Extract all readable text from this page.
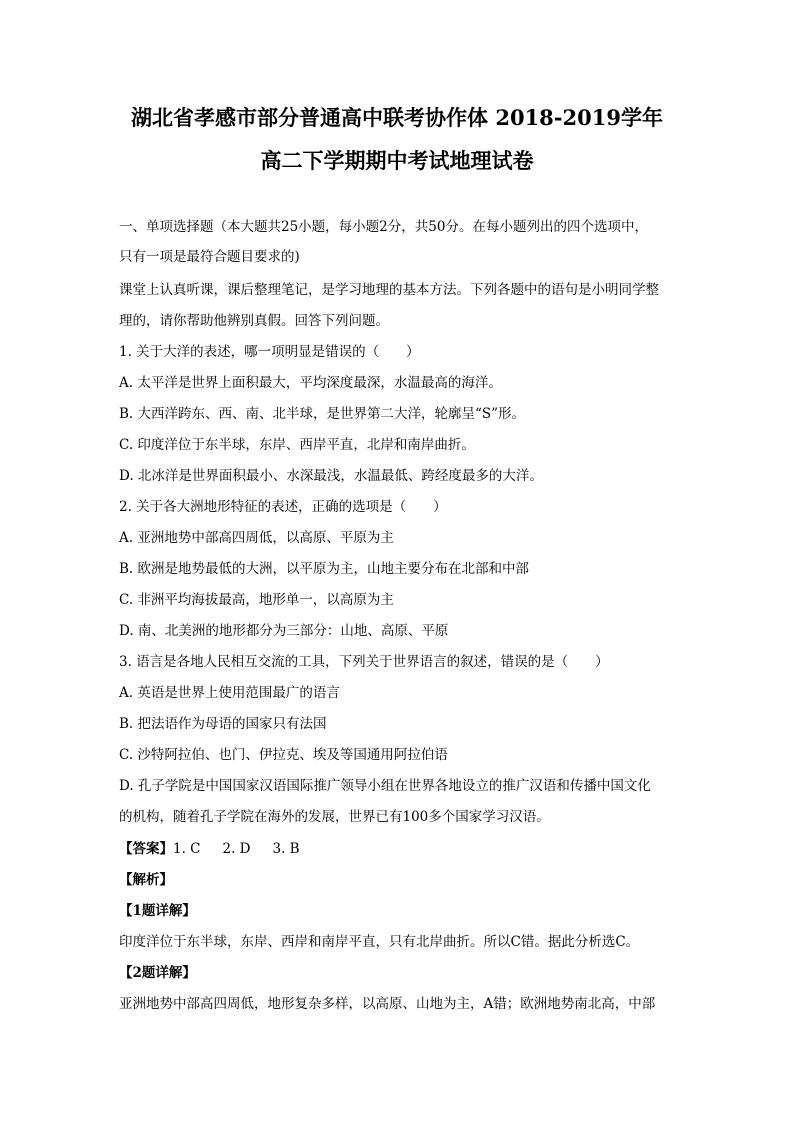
湖北省孝感市部分普通高中联考协作体 2018-2019学年
高二下学期期中考试地理试卷
一、单项选择题（本大题共25小题，每小题2分，共50分。在每小题列出的四个选项中，
只有一项是最符合题目要求的)
课堂上认真听课，课后整理笔记，是学习地理的基本方法。下列各题中的语句是小明同学整
理的，请你帮助他辨别真假。回答下列问题。
1. 关于大洋的表述，哪一项明显是错误的（　　）
A. 太平洋是世界上面积最大，平均深度最深，水温最高的海洋。
B. 大西洋跨东、西、南、北半球，是世界第二大洋，轮廓呈“S”形。
C. 印度洋位于东半球，东岸、西岸平直，北岸和南岸曲折。
D. 北冰洋是世界面积最小、水深最浅，水温最低、跨经度最多的大洋。
2. 关于各大洲地形特征的表述，正确的选项是（　　）
A. 亚洲地势中部高四周低，以高原、平原为主
B. 欧洲是地势最低的大洲，以平原为主，山地主要分布在北部和中部
C. 非洲平均海拔最高，地形单一，以高原为主
D. 南、北美洲的地形都分为三部分：山地、高原、平原
3. 语言是各地人民相互交流的工具，下列关于世界语言的叙述，错误的是（　　）
A. 英语是世界上使用范围最广的语言
B. 把法语作为母语的国家只有法国
C. 沙特阿拉伯、也门、伊拉克、埃及等国通用阿拉伯语
D. 孔子学院是中国国家汉语国际推广领导小组在世界各地设立的推广汉语和传播中国文化
的机构，随着孔子学院在海外的发展，世界已有100多个国家学习汉语。
【答案】1. C 2. D 3. B
【解析】
【1题详解】
印度洋位于东半球，东岸、西岸和南岸平直，只有北岸曲折。所以C错。据此分析选C。
【2题详解】
亚洲地势中部高四周低，地形复杂多样，以高原、山地为主，A错；欧洲地势南北高，中部
